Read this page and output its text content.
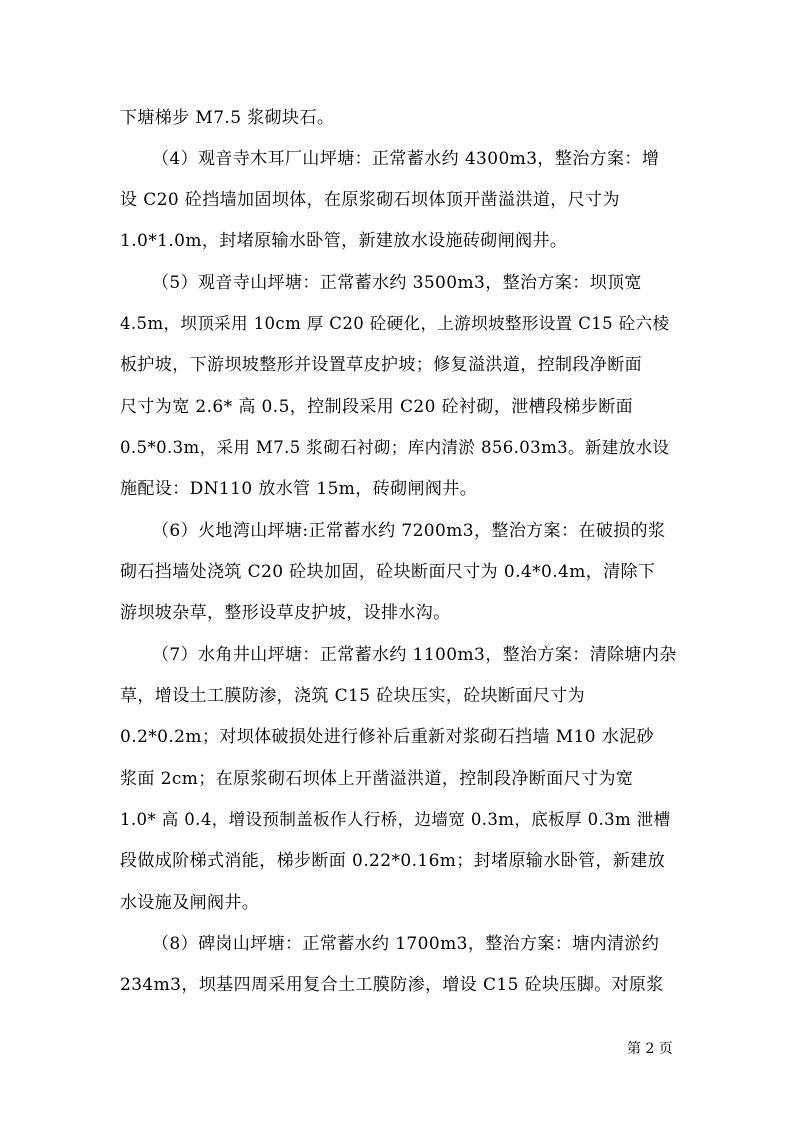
下塘梯步 M7.5 浆砌块石。
（4）观音寺木耳厂山坪塘：正常蓄水约 4300m3，整治方案：增
设 C20 砼挡墙加固坝体，在原浆砌石坝体顶开凿溢洪道，尺寸为
1.0*1.0m，封堵原输水卧管，新建放水设施砖砌闸阀井。
（5）观音寺山坪塘：正常蓄水约 3500m3，整治方案：坝顶宽
4.5m，坝顶采用 10cm 厚 C20 砼硬化，上游坝坡整形设置 C15 砼六棱
板护坡，下游坝坡整形并设置草皮护坡；修复溢洪道，控制段净断面
尺寸为宽 2.6* 高 0.5，控制段采用 C20 砼衬砌，泄槽段梯步断面
0.5*0.3m，采用 M7.5 浆砌石衬砌；库内清淤 856.03m3。新建放水设
施配设：DN110 放水管 15m，砖砌闸阀井。
（6）火地湾山坪塘:正常蓄水约 7200m3，整治方案：在破损的浆
砌石挡墙处浇筑 C20 砼块加固，砼块断面尺寸为 0.4*0.4m，清除下
游坝坡杂草，整形设草皮护坡，设排水沟。
（7）水角井山坪塘：正常蓄水约 1100m3，整治方案：清除塘内杂
草，增设土工膜防渗，浇筑 C15 砼块压实，砼块断面尺寸为
0.2*0.2m；对坝体破损处进行修补后重新对浆砌石挡墙 M10 水泥砂
浆面 2cm；在原浆砌石坝体上开凿溢洪道，控制段净断面尺寸为宽
1.0* 高 0.4，增设预制盖板作人行桥，边墙宽 0.3m，底板厚 0.3m 泄槽
段做成阶梯式消能，梯步断面 0.22*0.16m；封堵原输水卧管，新建放
水设施及闸阀井。
（8）碑岗山坪塘：正常蓄水约 1700m3，整治方案：塘内清淤约
234m3，坝基四周采用复合土工膜防渗，增设 C15 砼块压脚。对原浆
第 2 页
